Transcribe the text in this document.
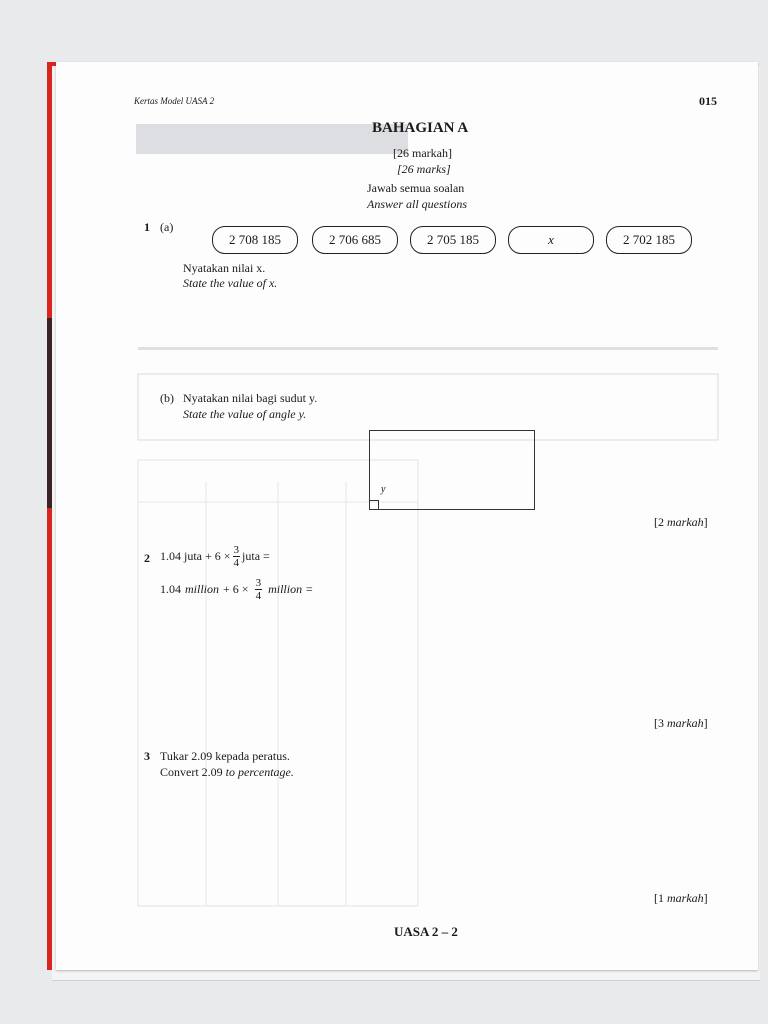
Kertas Model UASA 2	015
BAHAGIAN A
[26 markah]
[26 marks]
Jawab semua soalan
Answer all questions
1 (a)
2 708 185	2 706 685	2 705 185	x	2 702 185
Nyatakan nilai x.
State the value of x.
(b) Nyatakan nilai bagi sudut y.
State the value of angle y.
y
[2 markah]
2 1.04 juta + $6 \times \frac{3}{4}$ juta =
1.04 million + $6 \times \frac{3}{4}$ million =
[3 markah]
3 Tukar 2.09 kepada peratus.
Convert 2.09 to percentage.
[1 markah]
UASA 2 – 2
